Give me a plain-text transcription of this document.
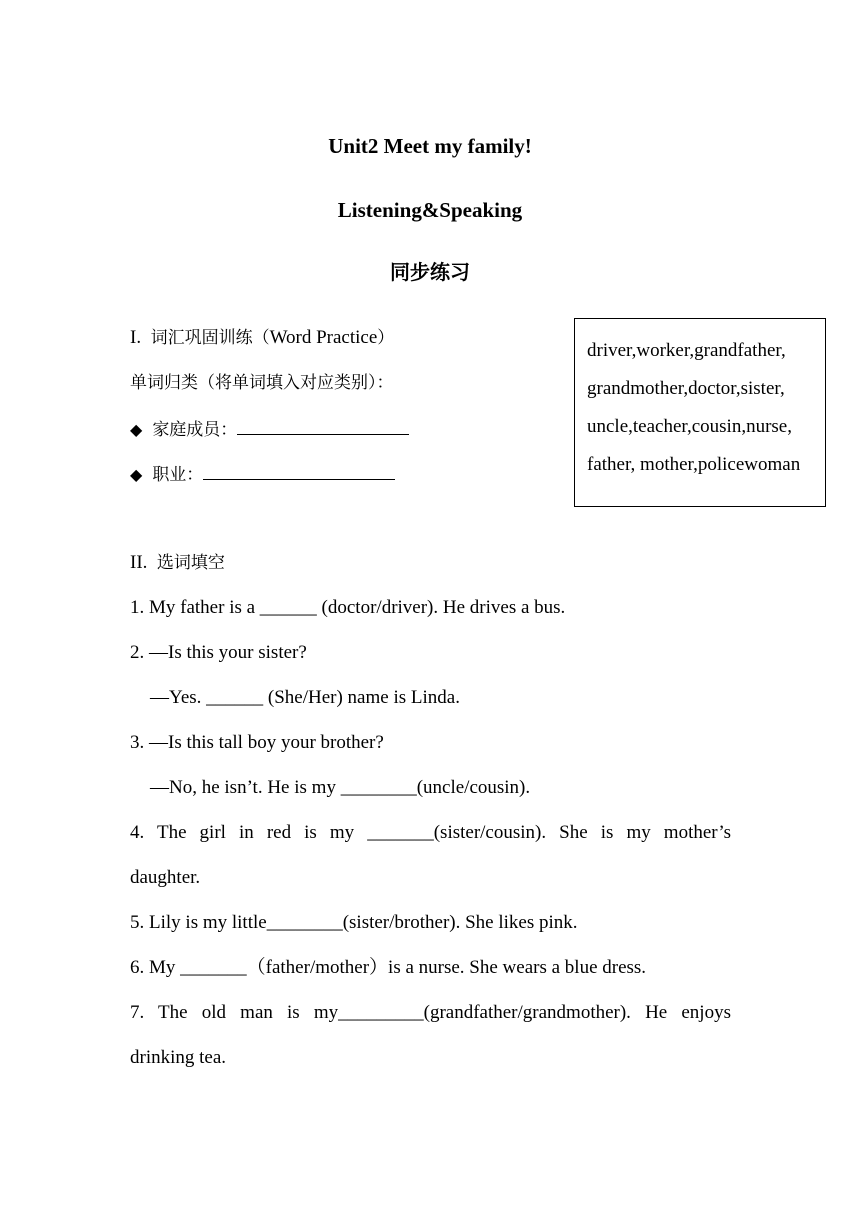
Unit2 Meet my family!
Listening&Speaking
同步练习
I. 词汇巩固训练（Word Practice）
单词归类（将单词填入对应类别）：
◆ 家庭成员：
◆ 职业：
driver,worker,grandfather,
grandmother,doctor,sister,
uncle,teacher,cousin,nurse,
father, mother,policewoman
II. 选词填空
1. My father is a ______ (doctor/driver). He drives a bus.
2. —Is this your sister?
—Yes. ______ (She/Her) name is Linda.
3. —Is this tall boy your brother?
—No, he isn’t. He is my ________(uncle/cousin).
4. The girl in red is my _______(sister/cousin). She is my mother’s
daughter.
5. Lily is my little________(sister/brother). She likes pink.
6. My _______（father/mother）is a nurse. She wears a blue dress.
7. The old man is my_________(grandfather/grandmother). He enjoys
drinking tea.
